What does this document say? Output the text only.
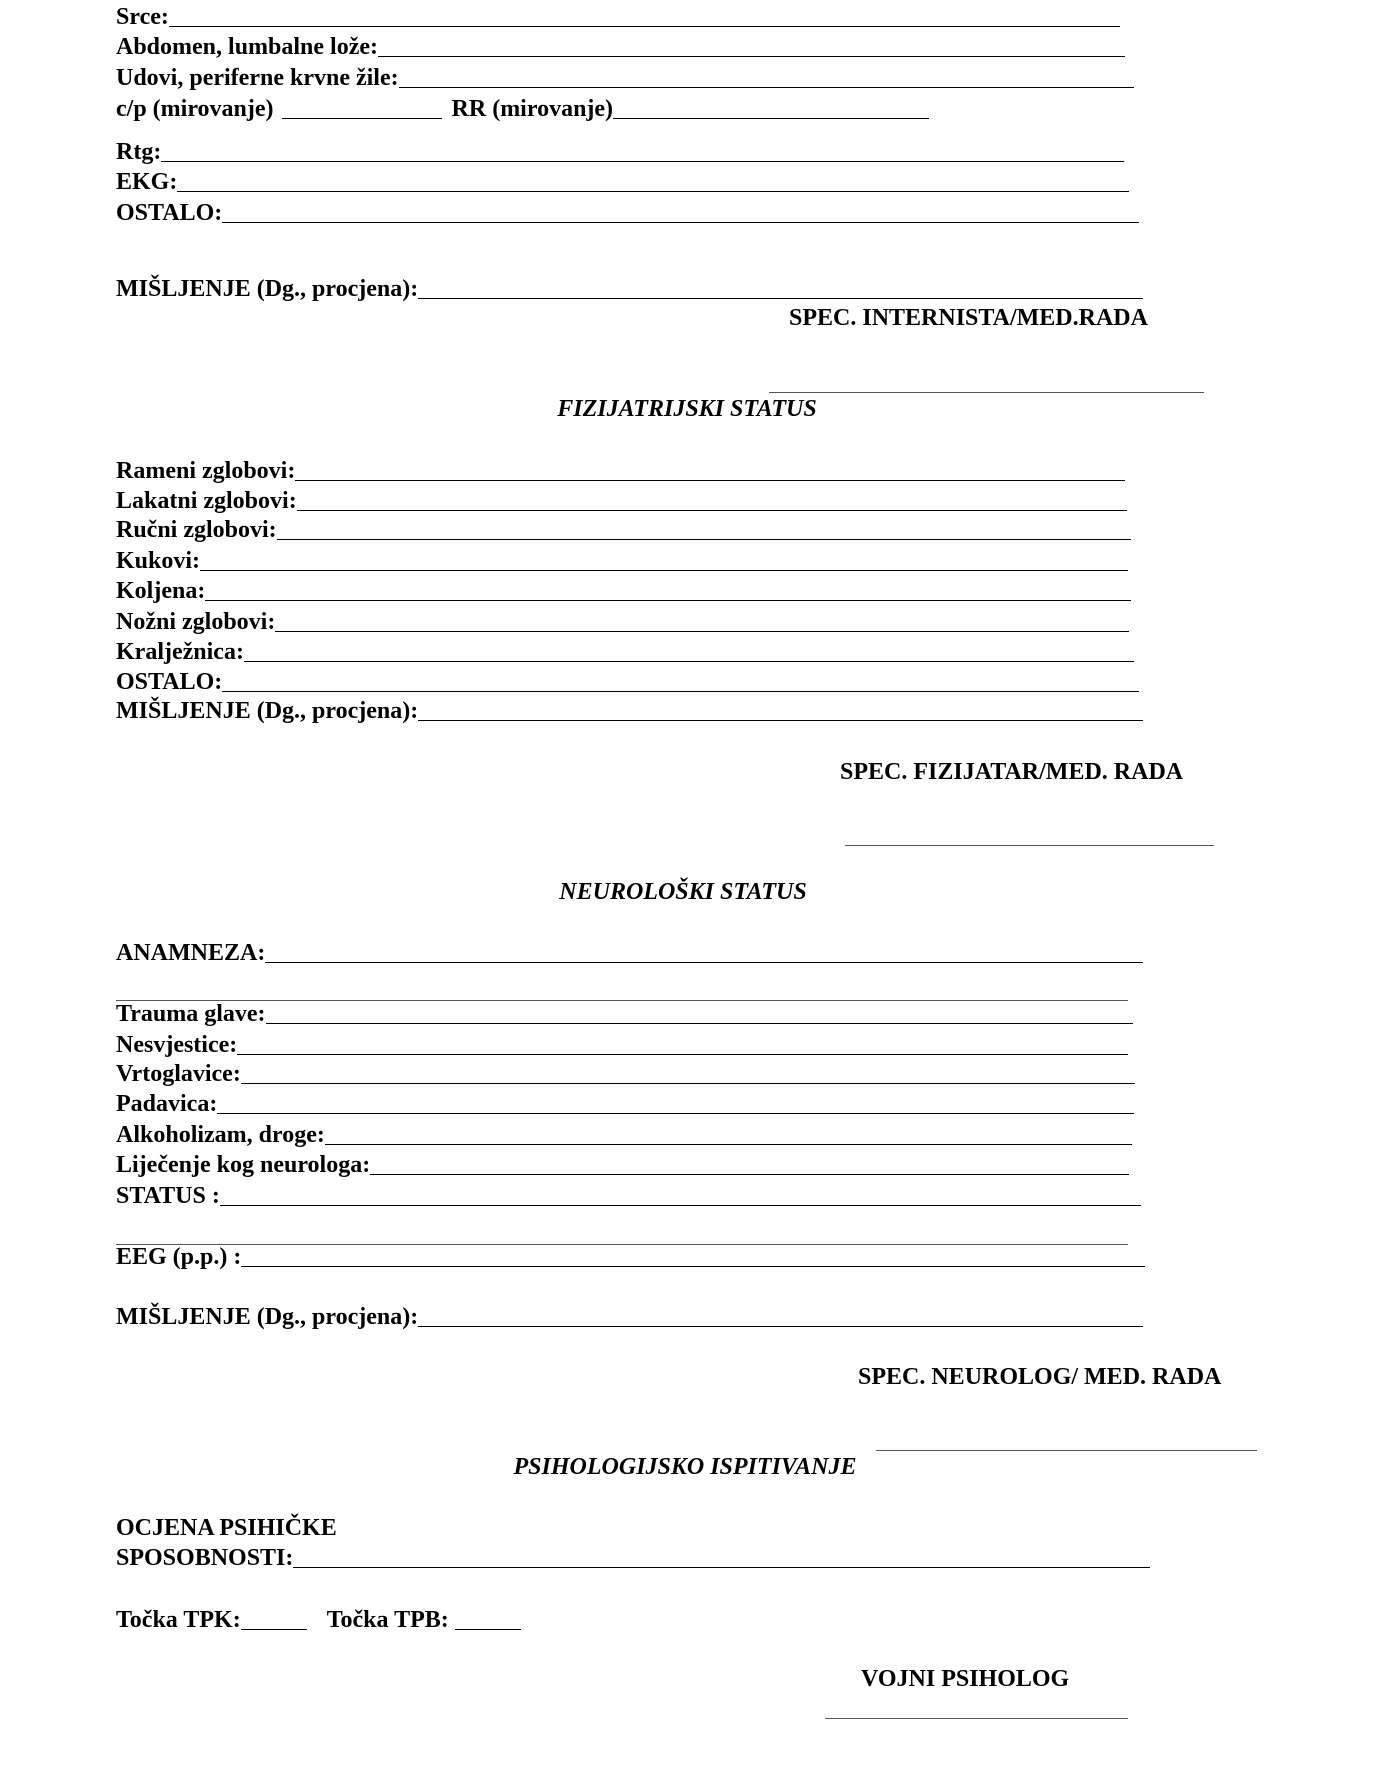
Srce:
Abdomen, lumbalne lože:
Udovi, periferne krvne žile:
c/p (mirovanje)	RR (mirovanje)
Rtg:
EKG:
OSTALO:
MIŠLJENJE (Dg., procjena):
SPEC. INTERNISTA/MED.RADA
FIZIJATRIJSKI STATUS
Rameni zglobovi:
Lakatni zglobovi:
Ručni zglobovi:
Kukovi:
Koljena:
Nožni zglobovi:
Kralježnica:
OSTALO:
MIŠLJENJE (Dg., procjena):
SPEC. FIZIJATAR/MED. RADA
NEUROLOŠKI STATUS
ANAMNEZA:
Trauma glave:
Nesvjestice:
Vrtoglavice:
Padavica:
Alkoholizam, droge:
Liječenje kog neurologa:
STATUS :
EEG (p.p.) :
MIŠLJENJE (Dg., procjena):
SPEC. NEUROLOG/ MED. RADA
PSIHOLOGIJSKO ISPITIVANJE
OCJENA PSIHIČKE
SPOSOBNOSTI:
Točka TPK:	Točka TPB:
VOJNI PSIHOLOG
